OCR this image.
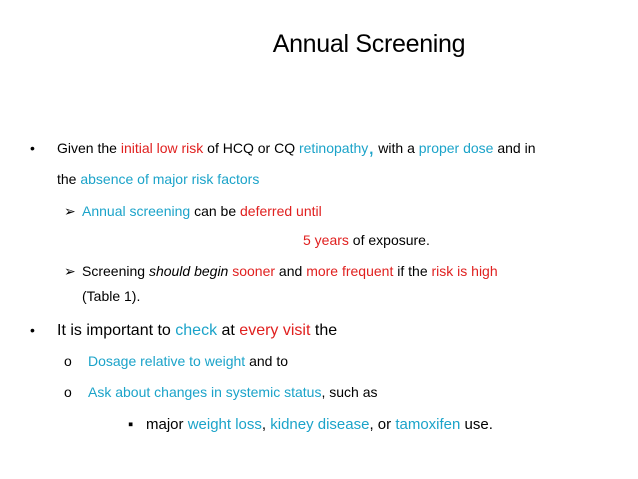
Annual Screening
• Given the initial low risk of HCQ or CQ retinopathy, with a proper dose and in
the absence of major risk factors
➢ Annual screening can be deferred until
5 years of exposure.
➢ Screening should begin sooner and more frequent if the risk is high
(Table 1).
• It is important to check at every visit the
o Dosage relative to weight and to
o Ask about changes in systemic status, such as
▪ major weight loss, kidney disease, or tamoxifen use.
